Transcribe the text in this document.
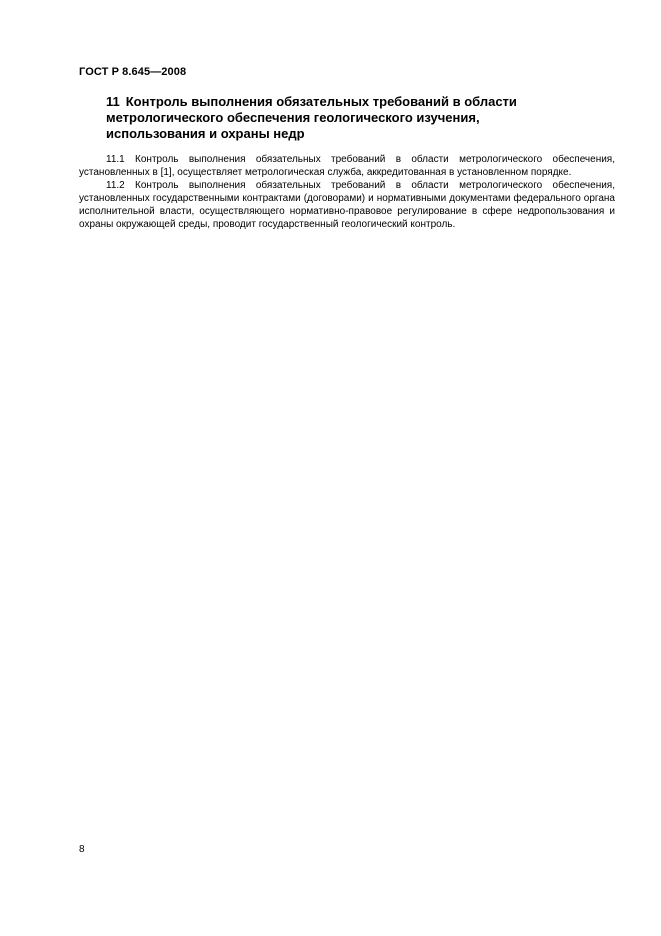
ГОСТ Р 8.645—2008
11 Контроль выполнения обязательных требований в области
метрологического обеспечения геологического изучения,
использования и охраны недр

11.1 Контроль выполнения обязательных требований в области метрологического обеспечения, установленных в [1], осуществляет метрологическая служба, аккредитованная в установленном порядке.

11.2 Контроль выполнения обязательных требований в области метрологического обеспечения, установленных государственными контрактами (договорами) и нормативными документами федерального органа исполнительной власти, осуществляющего нормативно-правовое регулирование в сфере недропользования и охраны окружающей среды, проводит государственный геологический контроль.

8
